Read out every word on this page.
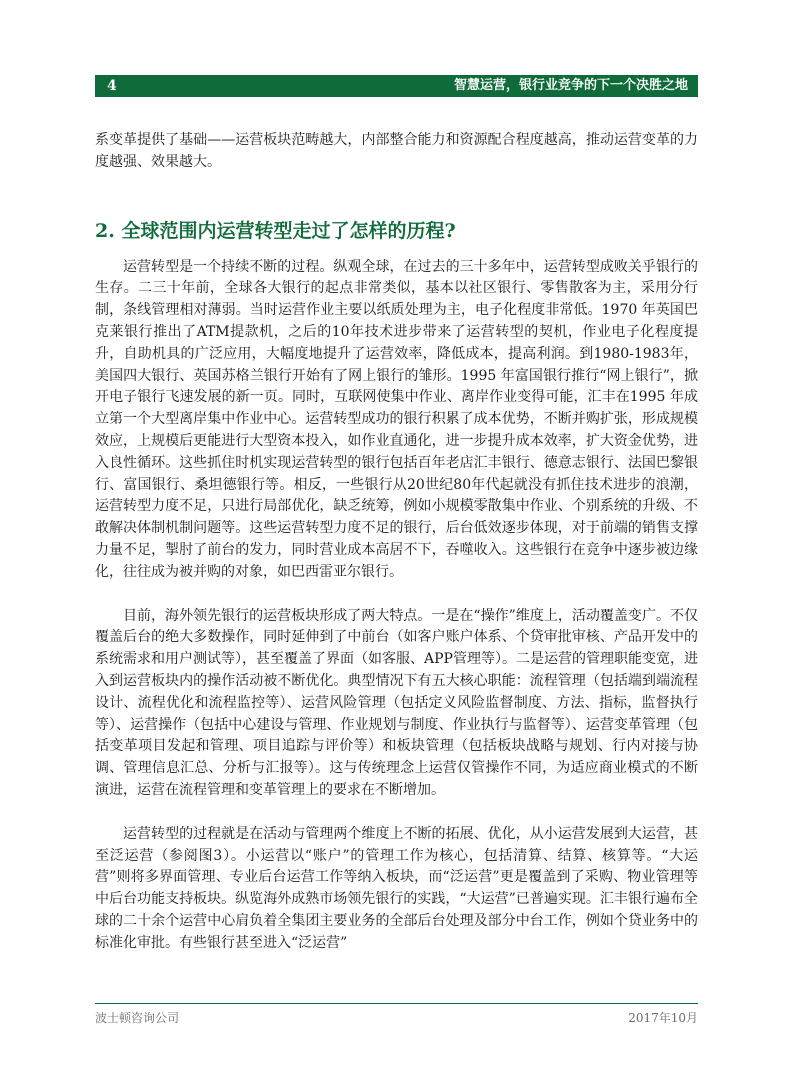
4	智慧运营，银行业竞争的下一个决胜之地

系变革提供了基础——运营板块范畴越大，内部整合能力和资源配合程度越高，推动运营变革的力度越强、效果越大。

2. 全球范围内运营转型走过了怎样的历程?

运营转型是一个持续不断的过程。纵观全球，在过去的三十多年中，运营转型成败关乎银行的生存。二三十年前，全球各大银行的起点非常类似，基本以社区银行、零售散客为主，采用分行制，条线管理相对薄弱。当时运营作业主要以纸质处理为主，电子化程度非常低。1970 年英国巴克莱银行推出了ATM提款机，之后的10年技术进步带来了运营转型的契机，作业电子化程度提升，自助机具的广泛应用，大幅度地提升了运营效率，降低成本，提高利润。到1980-1983年，美国四大银行、英国苏格兰银行开始有了网上银行的雏形。1995 年富国银行推行“网上银行”，掀开电子银行飞速发展的新一页。同时，互联网使集中作业、离岸作业变得可能，汇丰在1995 年成立第一个大型离岸集中作业中心。运营转型成功的银行积累了成本优势，不断并购扩张，形成规模效应，上规模后更能进行大型资本投入，如作业直通化，进一步提升成本效率，扩大资金优势，进入良性循环。这些抓住时机实现运营转型的银行包括百年老店汇丰银行、德意志银行、法国巴黎银行、富国银行、桑坦德银行等。相反，一些银行从20世纪80年代起就没有抓住技术进步的浪潮，运营转型力度不足，只进行局部优化，缺乏统筹，例如小规模零散集中作业、个别系统的升级、不敢解决体制机制问题等。这些运营转型力度不足的银行，后台低效逐步体现，对于前端的销售支撑力量不足，掣肘了前台的发力，同时营业成本高居不下，吞噬收入。这些银行在竞争中逐步被边缘化，往往成为被并购的对象，如巴西雷亚尔银行。

目前，海外领先银行的运营板块形成了两大特点。一是在“操作”维度上，活动覆盖变广。不仅覆盖后台的绝大多数操作，同时延伸到了中前台（如客户账户体系、个贷审批审核、产品开发中的系统需求和用户测试等），甚至覆盖了界面（如客服、APP管理等）。二是运营的管理职能变宽，进入到运营板块内的操作活动被不断优化。典型情况下有五大核心职能：流程管理（包括端到端流程设计、流程优化和流程监控等）、运营风险管理（包括定义风险监督制度、方法、指标，监督执行等）、运营操作（包括中心建设与管理、作业规划与制度、作业执行与监督等）、运营变革管理（包括变革项目发起和管理、项目追踪与评价等）和板块管理（包括板块战略与规划、行内对接与协调、管理信息汇总、分析与汇报等）。这与传统理念上运营仅管操作不同，为适应商业模式的不断演进，运营在流程管理和变革管理上的要求在不断增加。

运营转型的过程就是在活动与管理两个维度上不断的拓展、优化，从小运营发展到大运营，甚至泛运营（参阅图3）。小运营以“账户”的管理工作为核心，包括清算、结算、核算等。“大运营”则将多界面管理、专业后台运营工作等纳入板块，而“泛运营”更是覆盖到了采购、物业管理等中后台功能支持板块。纵览海外成熟市场领先银行的实践，“大运营”已普遍实现。汇丰银行遍布全球的二十余个运营中心肩负着全集团主要业务的全部后台处理及部分中台工作，例如个贷业务中的标准化审批。有些银行甚至进入“泛运营”

波士顿咨询公司	2017年10月
